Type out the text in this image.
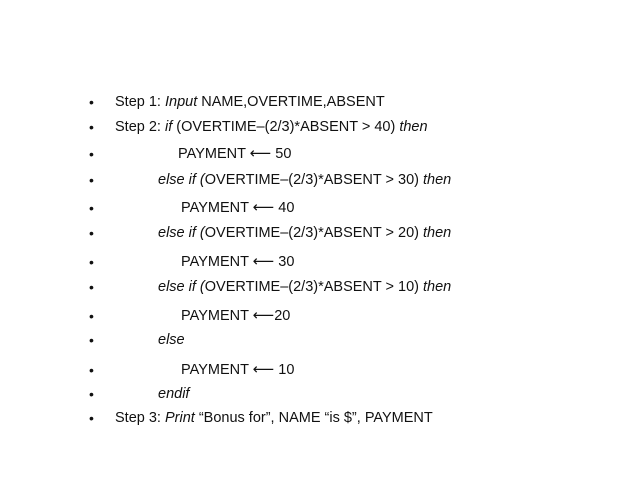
• Step 1: Input NAME,OVERTIME,ABSENT
• Step 2: if (OVERTIME–(2/3)*ABSENT > 40) then
•	PAYMENT ⟵ 50
•	else if (OVERTIME–(2/3)*ABSENT > 30) then
•	PAYMENT ⟵ 40
•	else if (OVERTIME–(2/3)*ABSENT > 20) then
•	PAYMENT ⟵ 30
•	else if (OVERTIME–(2/3)*ABSENT > 10) then
•	PAYMENT ⟵20
•	else
•	PAYMENT ⟵ 10
•	endif
• Step 3: Print “Bonus for”, NAME “is $”, PAYMENT
